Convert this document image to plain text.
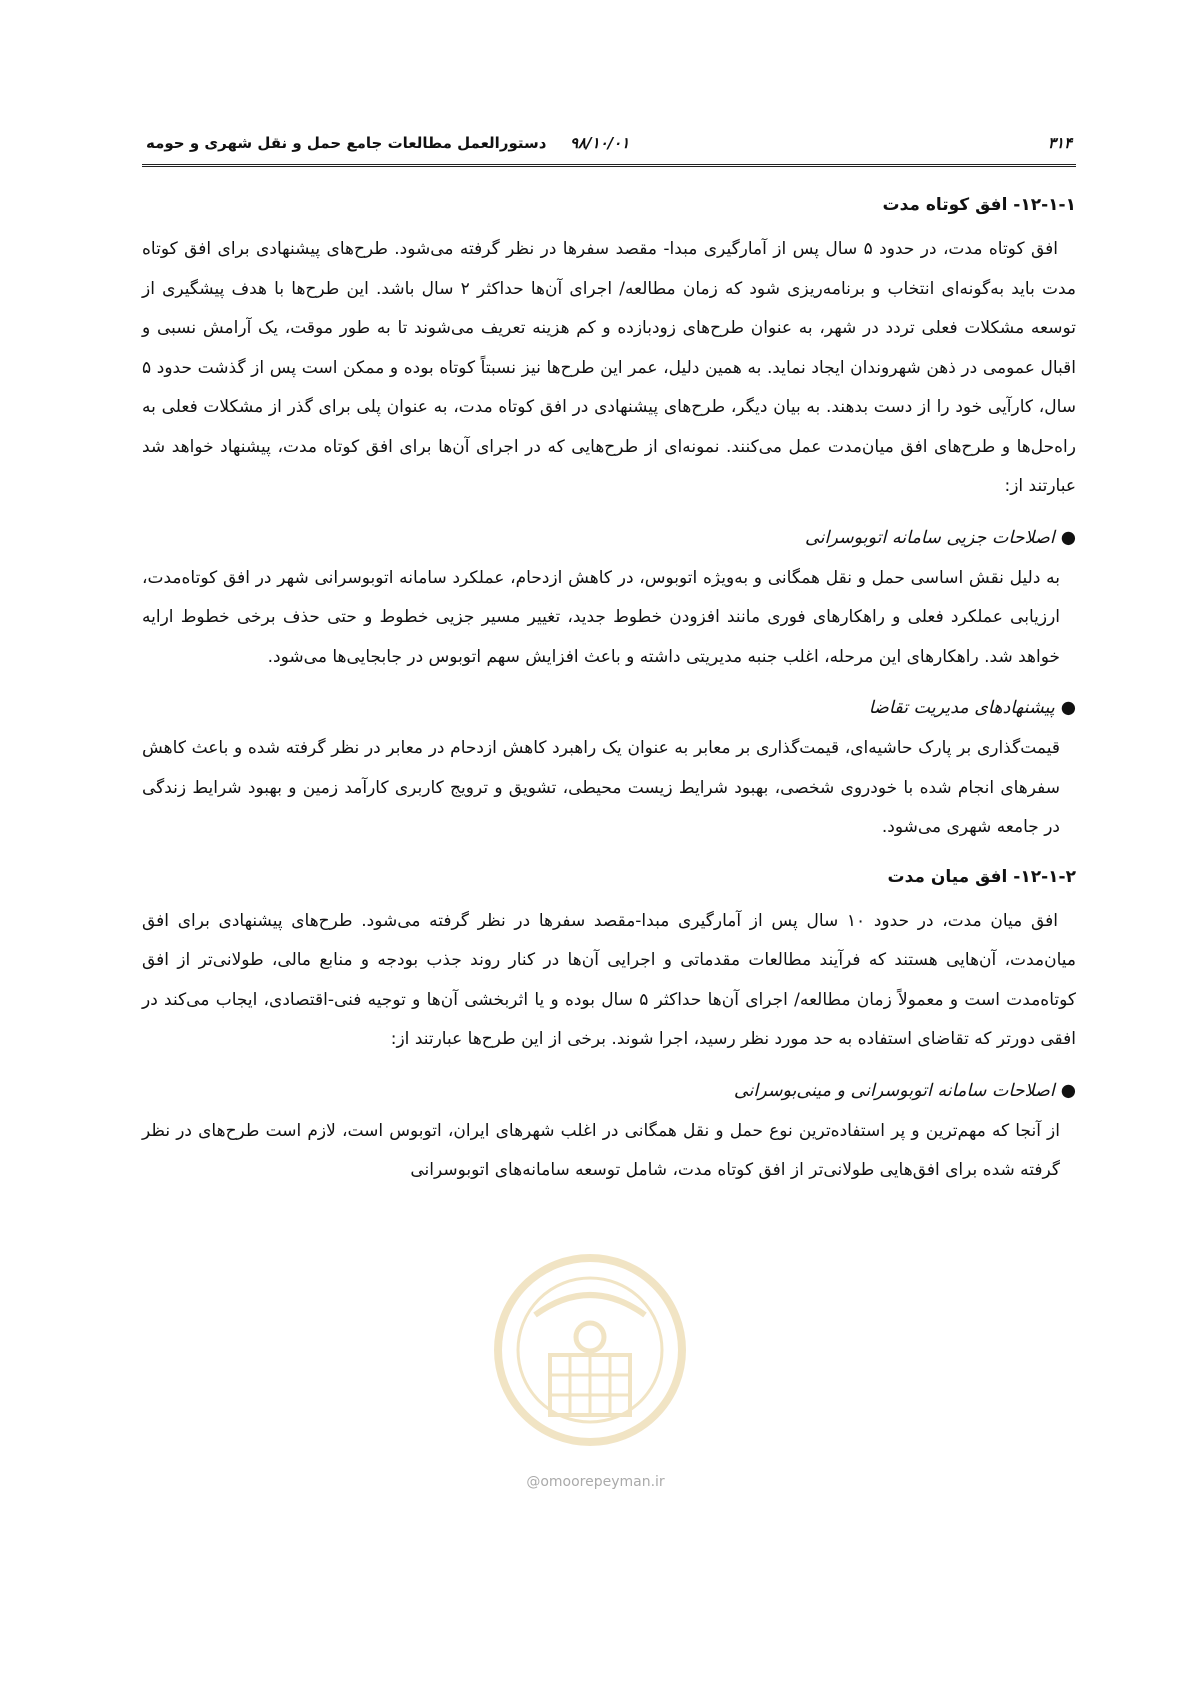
۳۱۴
۹۸/۱۰/۰۱
دستورالعمل مطالعات جامع حمل و نقل شهری و حومه
۱۲-۱-۱- افق کوتاه مدت

افق کوتاه مدت، در حدود ۵ سال پس از آمارگیری مبدا- مقصد سفرها در نظر گرفته می‌شود. طرح‌های پیشنهادی برای افق کوتاه مدت باید به‌گونه‌ای انتخاب و برنامه‌ریزی شود که زمان مطالعه/ اجرای آن‌ها حداکثر ۲ سال باشد. این طرح‌ها با هدف پیشگیری از توسعه مشکلات فعلی تردد در شهر، به عنوان طرح‌های زودبازده و کم هزینه تعریف می‌شوند تا به طور موقت، یک آرامش نسبی و اقبال عمومی در ذهن شهروندان ایجاد نماید. به همین دلیل، عمر این طرح‌ها نیز نسبتاً کوتاه بوده و ممکن است پس از گذشت حدود ۵ سال، کارآیی خود را از دست بدهند. به بیان دیگر، طرح‌های پیشنهادی در افق کوتاه مدت، به عنوان پلی برای گذر از مشکلات فعلی به راه‌حل‌ها و طرح‌های افق میان‌مدت عمل می‌کنند. نمونه‌ای از طرح‌هایی که در اجرای آن‌ها برای افق کوتاه مدت، پیشنهاد خواهد شد عبارتند از:

●اصلاحات جزیی سامانه اتوبوسرانی

به دلیل نقش اساسی حمل و نقل همگانی و به‌ویژه اتوبوس، در کاهش ازدحام، عملکرد سامانه اتوبوسرانی شهر در افق کوتاه‌مدت، ارزیابی عملکرد فعلی و راهکارهای فوری مانند افزودن خطوط جدید، تغییر مسیر جزیی خطوط و حتی حذف برخی خطوط ارایه خواهد شد. راهکارهای این مرحله، اغلب جنبه مدیریتی داشته و باعث افزایش سهم اتوبوس در جابجایی‌ها می‌شود.

●پیشنهادهای مدیریت تقاضا

قیمت‌گذاری بر پارک حاشیه‌ای، قیمت‌گذاری بر معابر به عنوان یک راهبرد کاهش ازدحام در معابر در نظر گرفته شده و باعث کاهش سفرهای انجام شده با خودروی شخصی، بهبود شرایط زیست محیطی، تشویق و ترویج کاربری کارآمد زمین و بهبود شرایط زندگی در جامعه شهری می‌شود.

۱۲-۱-۲- افق میان مدت

افق میان مدت، در حدود ۱۰ سال پس از آمارگیری مبدا-مقصد سفرها در نظر گرفته می‌شود. طرح‌های پیشنهادی برای افق میان‌مدت، آن‌هایی هستند که فرآیند مطالعات مقدماتی و اجرایی آن‌ها در کنار روند جذب بودجه و منابع مالی، طولانی‌تر از افق کوتاه‌مدت است و معمولاً زمان مطالعه/ اجرای آن‌ها حداکثر ۵ سال بوده و یا اثربخشی آن‌ها و توجیه فنی-اقتصادی، ایجاب می‌کند در افقی دورتر که تقاضای استفاده به حد مورد نظر رسید، اجرا شوند. برخی از این طرح‌ها عبارتند از:

●اصلاحات سامانه اتوبوسرانی و مینی‌بوسرانی

از آنجا که مهم‌ترین و پر استفاده‌ترین نوع حمل و نقل همگانی در اغلب شهرهای ایران، اتوبوس است، لازم است طرح‌های در نظر گرفته شده برای افق‌هایی طولانی‌تر از افق کوتاه مدت، شامل توسعه سامانه‌های اتوبوسرانی

@omoorepeyman.ir
